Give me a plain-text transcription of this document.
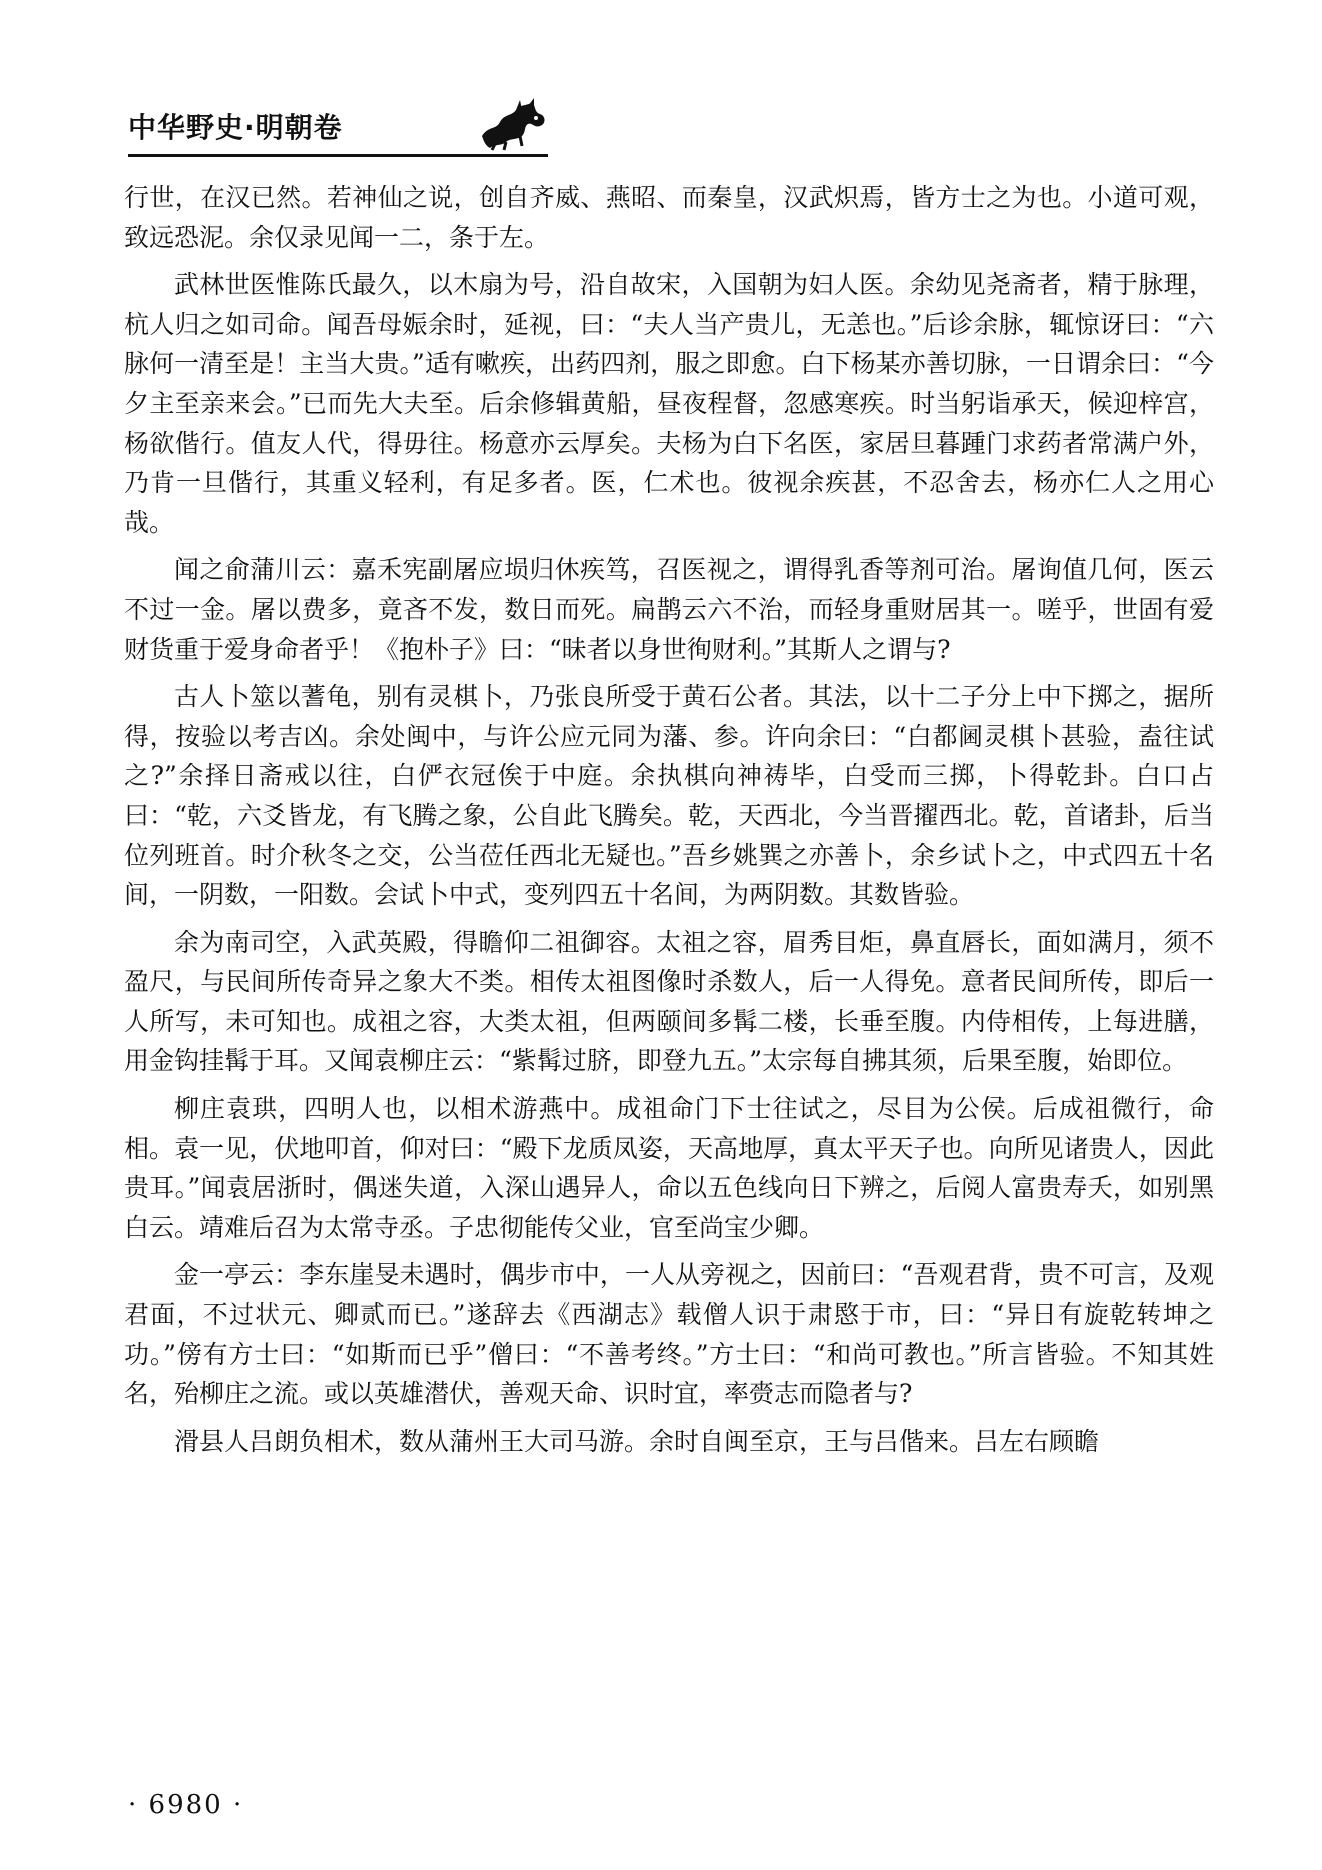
中华野史·明朝卷

行世，在汉已然。若神仙之说，创自齐威、燕昭、而秦皇，汉武炽焉，皆方士之为也。小道可观，致远恐泥。余仅录见闻一二，条于左。

武林世医惟陈氏最久，以木扇为号，沿自故宋，入国朝为妇人医。余幼见尧斋者，精于脉理，杭人归之如司命。闻吾母娠余时，延视，曰：“夫人当产贵儿，无恙也。”后诊余脉，辄惊讶曰：“六脉何一清至是！主当大贵。”适有嗽疾，出药四剂，服之即愈。白下杨某亦善切脉，一日谓余曰：“今夕主至亲来会。”已而先大夫至。后余修辑黄船，昼夜程督，忽感寒疾。时当躬诣承天，候迎梓宫，杨欲偕行。值友人代，得毋往。杨意亦云厚矣。夫杨为白下名医，家居旦暮踵门求药者常满户外，乃肯一旦偕行，其重义轻利，有足多者。医，仁术也。彼视余疾甚，不忍舍去，杨亦仁人之用心哉。

闻之俞蒲川云：嘉禾宪副屠应埙归休疾笃，召医视之，谓得乳香等剂可治。屠询值几何，医云不过一金。屠以费多，竟吝不发，数日而死。扁鹊云六不治，而轻身重财居其一。嗟乎，世固有爱财货重于爱身命者乎！《抱朴子》曰：“昧者以身世徇财利。”其斯人之谓与?

古人卜筮以蓍龟，别有灵棋卜，乃张良所受于黄石公者。其法，以十二子分上中下掷之，据所得，按验以考吉凶。余处闽中，与许公应元同为藩、参。许向余曰：“白都阃灵棋卜甚验，盍往试之?”余择日斋戒以往，白俨衣冠俟于中庭。余执棋向神祷毕，白受而三掷，卜得乾卦。白口占曰：“乾，六爻皆龙，有飞腾之象，公自此飞腾矣。乾，天西北，今当晋擢西北。乾，首诸卦，后当位列班首。时介秋冬之交，公当莅任西北无疑也。”吾乡姚巽之亦善卜，余乡试卜之，中式四五十名间，一阴数，一阳数。会试卜中式，变列四五十名间，为两阴数。其数皆验。

余为南司空，入武英殿，得瞻仰二祖御容。太祖之容，眉秀目炬，鼻直唇长，面如满月，须不盈尺，与民间所传奇异之象大不类。相传太祖图像时杀数人，后一人得免。意者民间所传，即后一人所写，未可知也。成祖之容，大类太祖，但两颐间多髯二楼，长垂至腹。内侍相传，上每进膳，用金钩挂髯于耳。又闻袁柳庄云：“紫髯过脐，即登九五。”太宗每自拂其须，后果至腹，始即位。

柳庄袁珙，四明人也，以相术游燕中。成祖命门下士往试之，尽目为公侯。后成祖微行，命相。袁一见，伏地叩首，仰对曰：“殿下龙质凤姿，天高地厚，真太平天子也。向所见诸贵人，因此贵耳。”闻袁居浙时，偶迷失道，入深山遇异人，命以五色线向日下辨之，后阅人富贵寿夭，如别黑白云。靖难后召为太常寺丞。子忠彻能传父业，官至尚宝少卿。

金一亭云：李东崖旻未遇时，偶步市中，一人从旁视之，因前曰：“吾观君背，贵不可言，及观君面，不过状元、卿贰而已。”遂辞去《西湖志》载僧人识于肃愍于市，曰：“异日有旋乾转坤之功。”傍有方士曰：“如斯而已乎”僧曰：“不善考终。”方士曰：“和尚可教也。”所言皆验。不知其姓名，殆柳庄之流。或以英雄潜伏，善观天命、识时宜，率赍志而隐者与?

滑县人吕朗负相术，数从蒲州王大司马游。余时自闽至京，王与吕偕来。吕左右顾瞻

· 6980 ·
